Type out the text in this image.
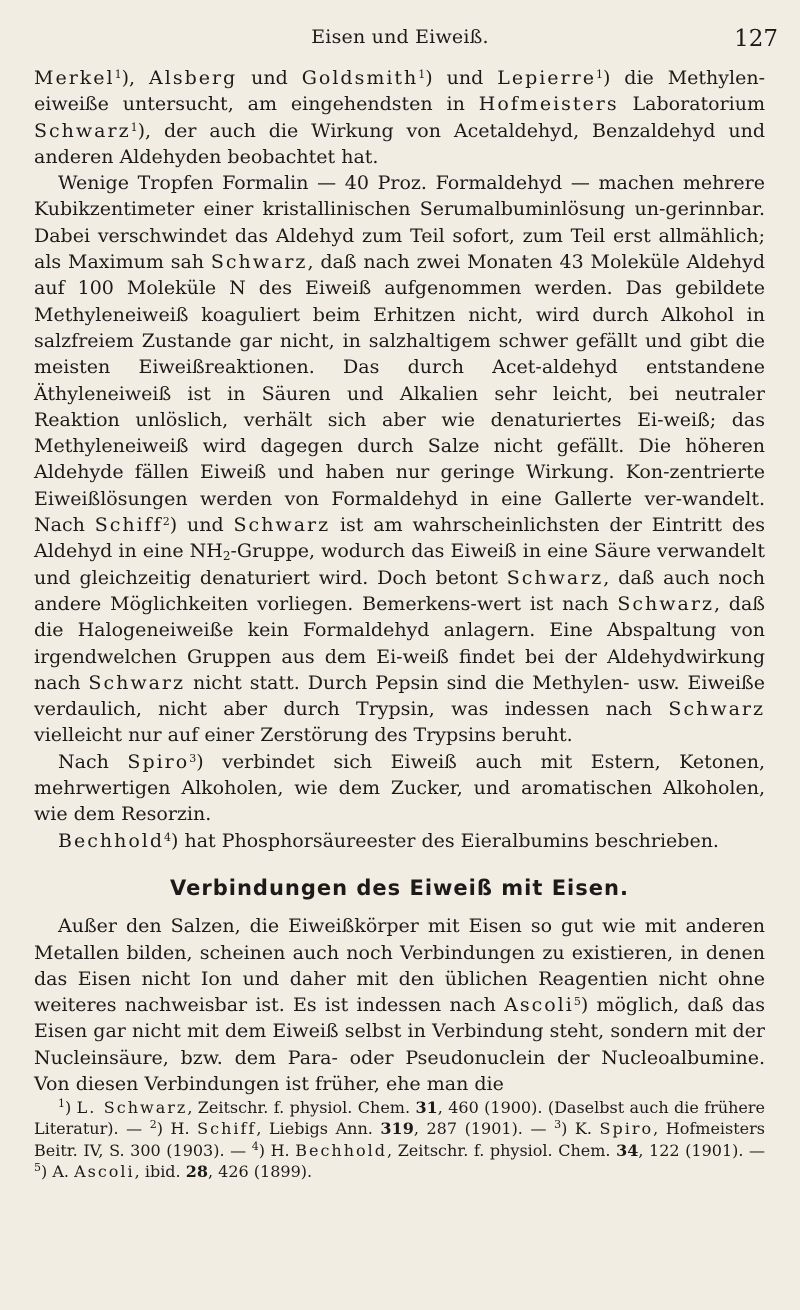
Eisen und Eiweiß.	127

Merkel$^1$), Alsberg und Goldsmith$^1$) und Lepierre$^1$) die Methylen-eiweiße untersucht, am eingehendsten in Hofmeisters Laboratorium Schwarz$^1$), der auch die Wirkung von Acetaldehyd, Benzaldehyd und anderen Aldehyden beobachtet hat.

Wenige Tropfen Formalin — 40 Proz. Formaldehyd — machen mehrere Kubikzentimeter einer kristallinischen Serumalbuminlösung un-gerinnbar. Dabei verschwindet das Aldehyd zum Teil sofort, zum Teil erst allmählich; als Maximum sah Schwarz, daß nach zwei Monaten 43 Moleküle Aldehyd auf 100 Moleküle N des Eiweiß aufgenommen werden. Das gebildete Methyleneiweiß koaguliert beim Erhitzen nicht, wird durch Alkohol in salzfreiem Zustande gar nicht, in salzhaltigem schwer gefällt und gibt die meisten Eiweißreaktionen. Das durch Acet-aldehyd entstandene Äthyleneiweiß ist in Säuren und Alkalien sehr leicht, bei neutraler Reaktion unlöslich, verhält sich aber wie denaturiertes Ei-weiß; das Methyleneiweiß wird dagegen durch Salze nicht gefällt. Die höheren Aldehyde fällen Eiweiß und haben nur geringe Wirkung. Kon-zentrierte Eiweißlösungen werden von Formaldehyd in eine Gallerte ver-wandelt. Nach Schiff$^2$) und Schwarz ist am wahrscheinlichsten der Eintritt des Aldehyd in eine $NH_2$-Gruppe, wodurch das Eiweiß in eine Säure verwandelt und gleichzeitig denaturiert wird. Doch betont Schwarz, daß auch noch andere Möglichkeiten vorliegen. Bemerkens-wert ist nach Schwarz, daß die Halogeneiweiße kein Formaldehyd anlagern. Eine Abspaltung von irgendwelchen Gruppen aus dem Ei-weiß findet bei der Aldehydwirkung nach Schwarz nicht statt. Durch Pepsin sind die Methylen- usw. Eiweiße verdaulich, nicht aber durch Trypsin, was indessen nach Schwarz vielleicht nur auf einer Zerstörung des Trypsins beruht.

Nach Spiro$^3$) verbindet sich Eiweiß auch mit Estern, Ketonen, mehrwertigen Alkoholen, wie dem Zucker, und aromatischen Alkoholen, wie dem Resorzin.

Bechhold$^4$) hat Phosphorsäureester des Eieralbumins beschrieben.

Verbindungen des Eiweiß mit Eisen.

Außer den Salzen, die Eiweißkörper mit Eisen so gut wie mit anderen Metallen bilden, scheinen auch noch Verbindungen zu existieren, in denen das Eisen nicht Ion und daher mit den üblichen Reagentien nicht ohne weiteres nachweisbar ist. Es ist indessen nach Ascoli$^5$) möglich, daß das Eisen gar nicht mit dem Eiweiß selbst in Verbindung steht, sondern mit der Nucleinsäure, bzw. dem Para- oder Pseudonuclein der Nucleoalbumine. Von diesen Verbindungen ist früher, ehe man die

$^1$) L. Schwarz, Zeitschr. f. physiol. Chem. 31, 460 (1900). (Daselbst auch die frühere Literatur). — $^2$) H. Schiff, Liebigs Ann. 319, 287 (1901). — $^3$) K. Spiro, Hofmeisters Beitr. IV, S. 300 (1903). — $^4$) H. Bechhold, Zeitschr. f. physiol. Chem. 34, 122 (1901). — $^5$) A. Ascoli, ibid. 28, 426 (1899).
